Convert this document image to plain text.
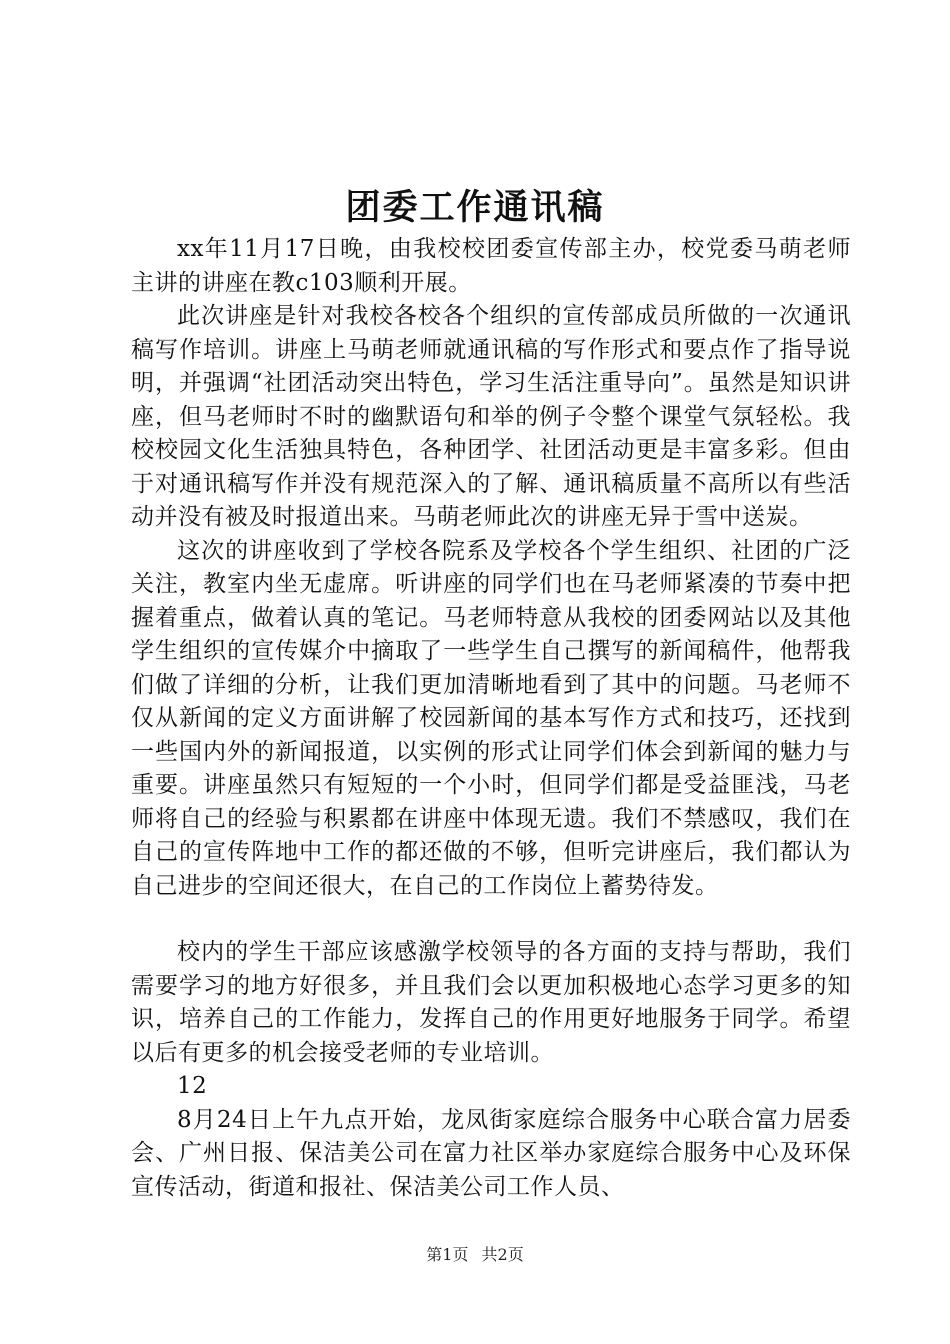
团委工作通讯稿

xx年11月17日晚，由我校校团委宣传部主办，校党委马萌老师主讲的讲座在教c103顺利开展。

此次讲座是针对我校各校各个组织的宣传部成员所做的一次通讯稿写作培训。讲座上马萌老师就通讯稿的写作形式和要点作了指导说明，并强调“社团活动突出特色，学习生活注重导向”。虽然是知识讲座，但马老师时不时的幽默语句和举的例子令整个课堂气氛轻松。我校校园文化生活独具特色，各种团学、社团活动更是丰富多彩。但由于对通讯稿写作并没有规范深入的了解、通讯稿质量不高所以有些活动并没有被及时报道出来。马萌老师此次的讲座无异于雪中送炭。

这次的讲座收到了学校各院系及学校各个学生组织、社团的广泛关注，教室内坐无虚席。听讲座的同学们也在马老师紧凑的节奏中把握着重点，做着认真的笔记。马老师特意从我校的团委网站以及其他学生组织的宣传媒介中摘取了一些学生自己撰写的新闻稿件，他帮我们做了详细的分析，让我们更加清晰地看到了其中的问题。马老师不仅从新闻的定义方面讲解了校园新闻的基本写作方式和技巧，还找到一些国内外的新闻报道，以实例的形式让同学们体会到新闻的魅力与重要。讲座虽然只有短短的一个小时，但同学们都是受益匪浅，马老师将自己的经验与积累都在讲座中体现无遗。我们不禁感叹，我们在自己的宣传阵地中工作的都还做的不够，但听完讲座后，我们都认为自己进步的空间还很大，在自己的工作岗位上蓄势待发。

校内的学生干部应该感激学校领导的各方面的支持与帮助，我们需要学习的地方好很多，并且我们会以更加积极地心态学习更多的知识，培养自己的工作能力，发挥自己的作用更好地服务于同学。希望以后有更多的机会接受老师的专业培训。

12

8月24日上午九点开始，龙凤街家庭综合服务中心联合富力居委会、广州日报、保洁美公司在富力社区举办家庭综合服务中心及环保宣传活动，街道和报社、保洁美公司工作人员、

第1页 共2页
